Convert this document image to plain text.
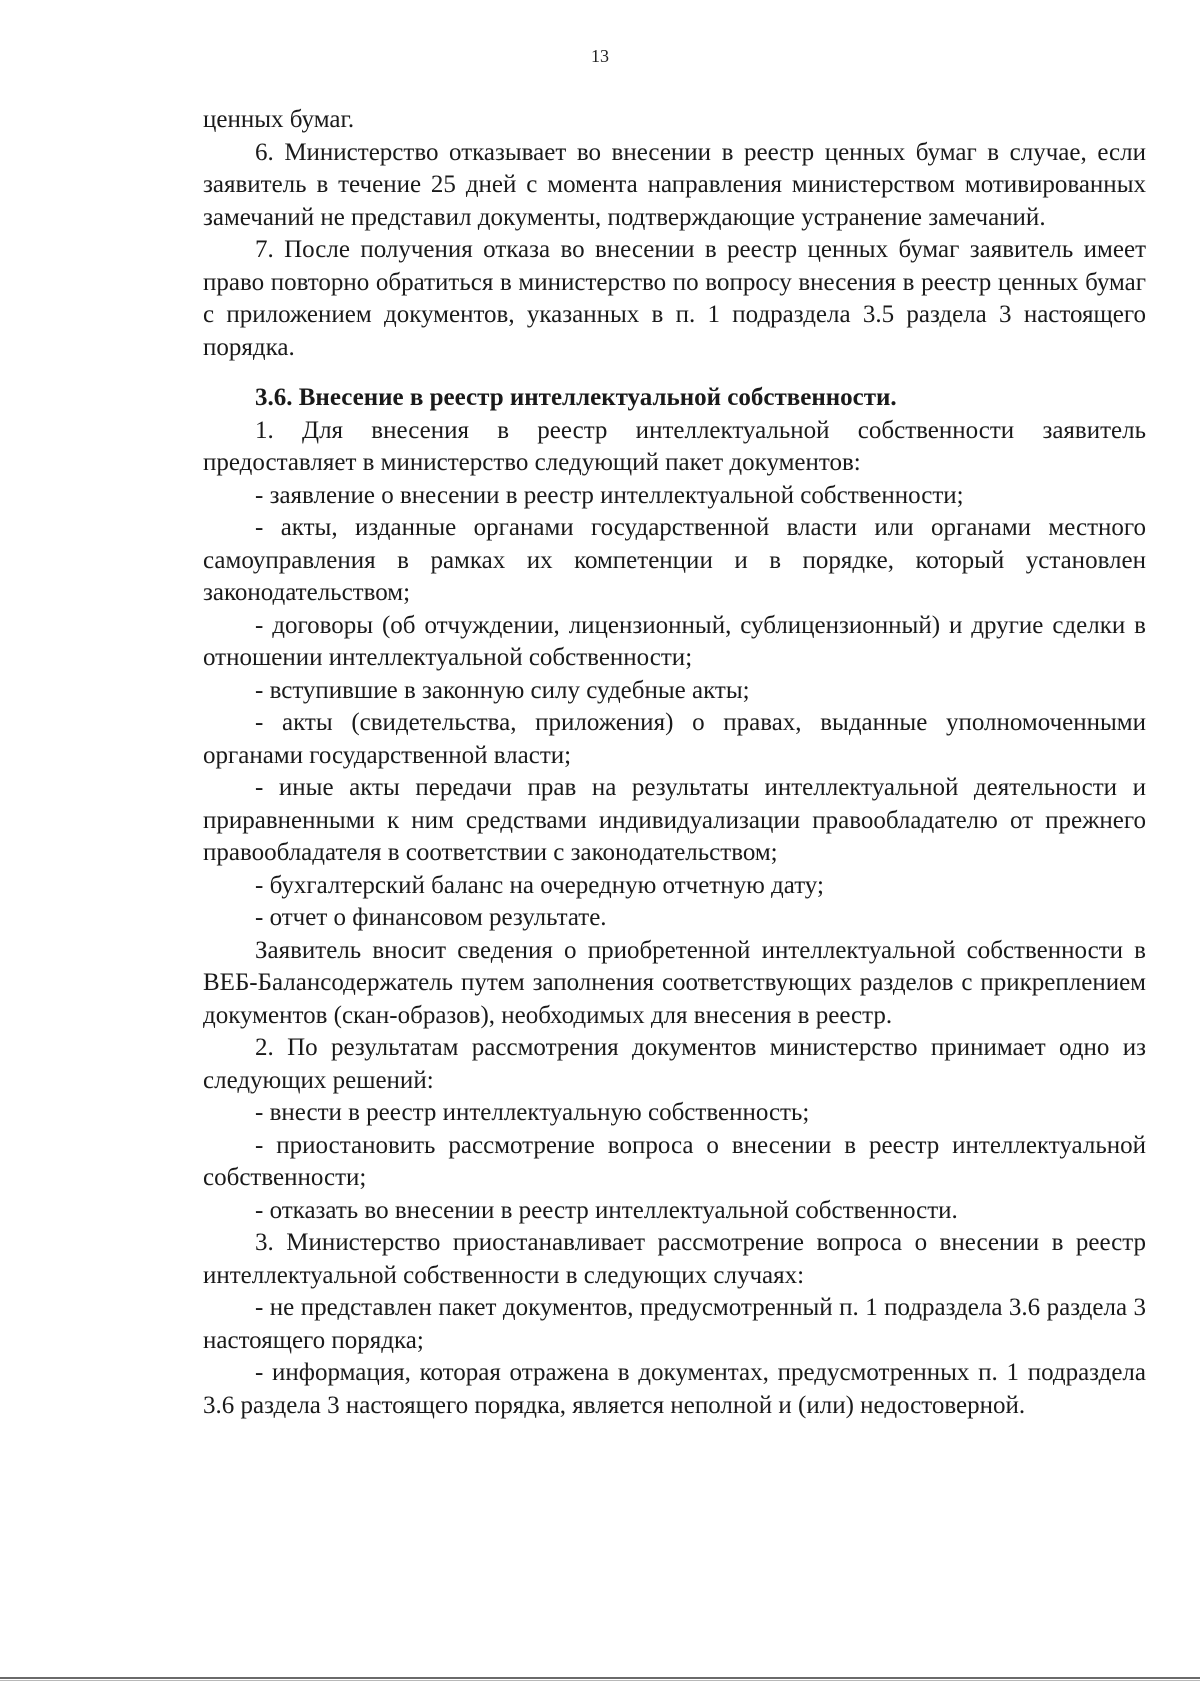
13

ценных бумаг.

6. Министерство отказывает во внесении в реестр ценных бумаг в случае, если заявитель в течение 25 дней с момента направления министерством мотивированных замечаний не представил документы, подтверждающие устранение замечаний.

7. После получения отказа во внесении в реестр ценных бумаг заявитель имеет право повторно обратиться в министерство по вопросу внесения в реестр ценных бумаг с приложением документов, указанных в п. 1 подраздела 3.5 раздела 3 настоящего порядка.

3.6. Внесение в реестр интеллектуальной собственности.

1. Для внесения в реестр интеллектуальной собственности заявитель предоставляет в министерство следующий пакет документов:

- заявление о внесении в реестр интеллектуальной собственности;

- акты, изданные органами государственной власти или органами местного самоуправления в рамках их компетенции и в порядке, который установлен законодательством;

- договоры (об отчуждении, лицензионный, сублицензионный) и другие сделки в отношении интеллектуальной собственности;

- вступившие в законную силу судебные акты;

- акты (свидетельства, приложения) о правах, выданные уполномоченными органами государственной власти;

- иные акты передачи прав на результаты интеллектуальной деятельности и приравненными к ним средствами индивидуализации правообладателю от прежнего правообладателя в соответствии с законодательством;

- бухгалтерский баланс на очередную отчетную дату;

- отчет о финансовом результате.

Заявитель вносит сведения о приобретенной интеллектуальной собственности в ВЕБ-Балансодержатель путем заполнения соответствующих разделов с прикреплением документов (скан-образов), необходимых для внесения в реестр.

2. По результатам рассмотрения документов министерство принимает одно из следующих решений:

- внести в реестр интеллектуальную собственность;

- приостановить рассмотрение вопроса о внесении в реестр интеллектуальной собственности;

- отказать во внесении в реестр интеллектуальной собственности.

3. Министерство приостанавливает рассмотрение вопроса о внесении в реестр интеллектуальной собственности в следующих случаях:

- не представлен пакет документов, предусмотренный п. 1 подраздела 3.6 раздела 3 настоящего порядка;

- информация, которая отражена в документах, предусмотренных п. 1 подраздела 3.6 раздела 3 настоящего порядка, является неполной и (или) недостоверной.
